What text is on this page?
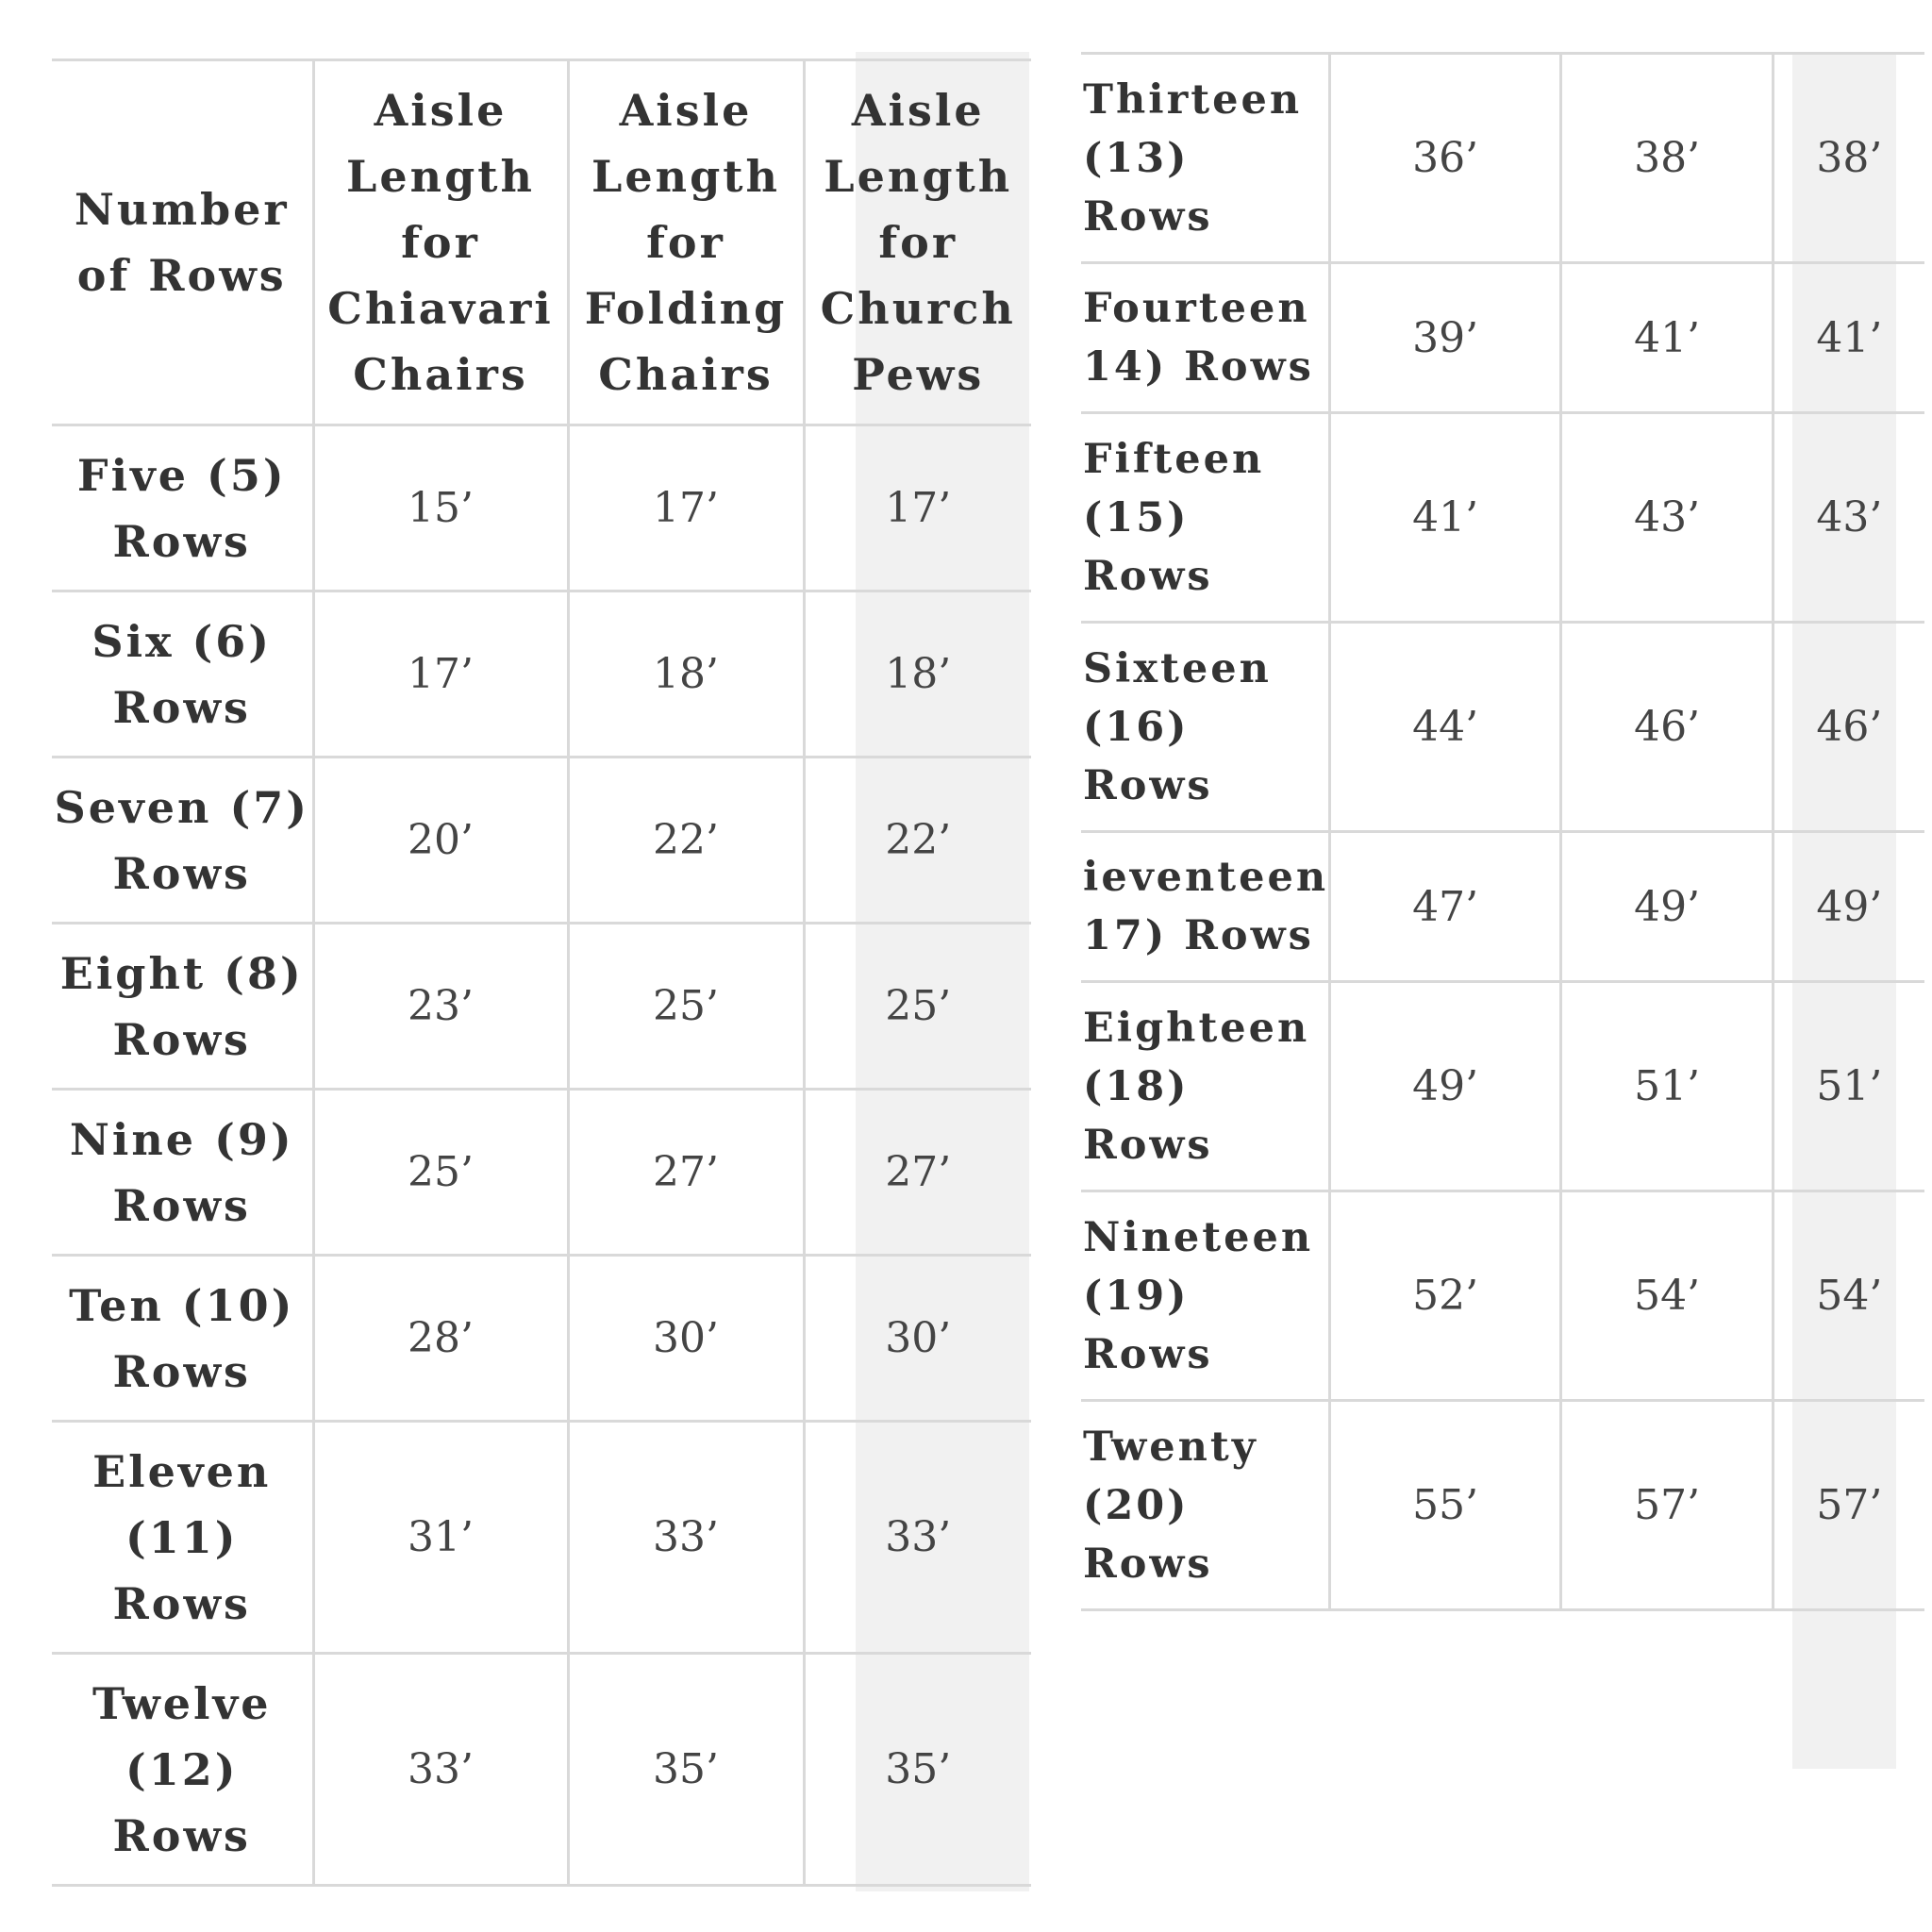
Number
of Rows	Aisle
Length
for
Chiavari
Chairs	Aisle
Length
for
Folding
Chairs	Aisle
Length
for
Church
Pews
Five (5)
Rows	15’	17’	17’
Six (6)
Rows	17’	18’	18’
Seven (7)
Rows	20’	22’	22’
Eight (8)
Rows	23’	25’	25’
Nine (9)
Rows	25’	27’	27’
Ten (10)
Rows	28’	30’	30’
Eleven
(11)
Rows	31’	33’	33’
Twelve
(12)
Rows	33’	35’	35’
Thirteen
(13)
Rows	36’	38’	38’
Fourteen
14) Rows	39’	41’	41’
Fifteen
(15)
Rows	41’	43’	43’
Sixteen
(16)
Rows	44’	46’	46’
ieventeen
17) Rows	47’	49’	49’
Eighteen
(18)
Rows	49’	51’	51’
Nineteen
(19)
Rows	52’	54’	54’
Twenty
(20)
Rows	55’	57’	57’
